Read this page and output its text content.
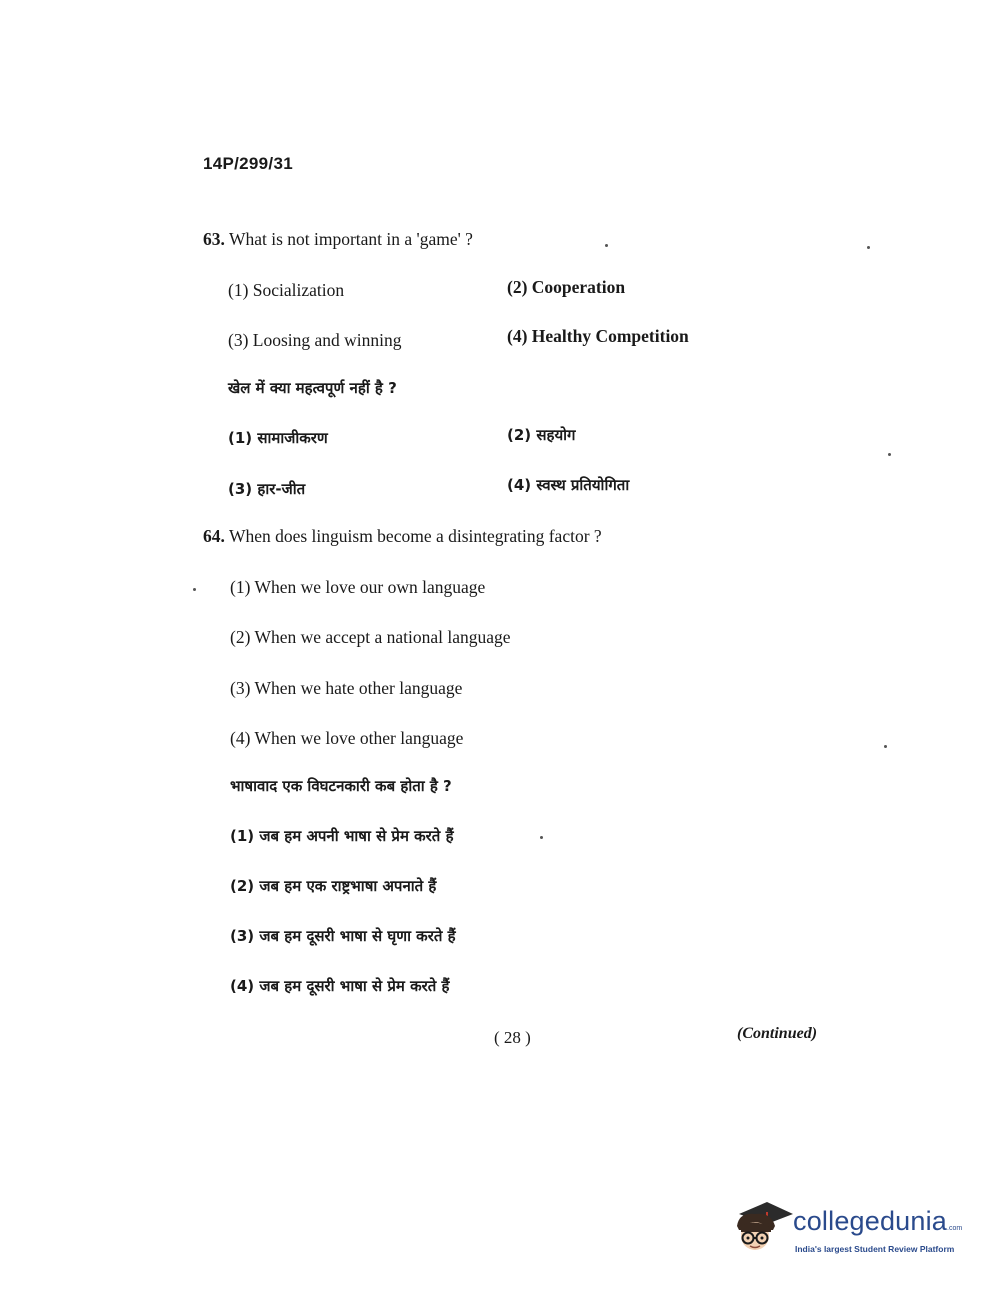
14P/299/31
63. What is not important in a 'game' ?
(1) Socialization	(2) Cooperation
(3) Loosing and winning	(4) Healthy Competition
खेल में क्या महत्वपूर्ण नहीं है ?
(1) सामाजीकरण	(2) सहयोग
(3) हार-जीत	(4) स्वस्थ प्रतियोगिता
64. When does linguism become a disintegrating factor ?
(1) When we love our own language
(2) When we accept a national language
(3) When we hate other language
(4) When we love other language
भाषावाद एक विघटनकारी कब होता है ?
(1) जब हम अपनी भाषा से प्रेम करते हैं
(2) जब हम एक राष्ट्रभाषा अपनाते हैं
(3) जब हम दूसरी भाषा से घृणा करते हैं
(4) जब हम दूसरी भाषा से प्रेम करते हैं
( 28 )	(Continued)
collegedunia.com
India's largest Student Review Platform
